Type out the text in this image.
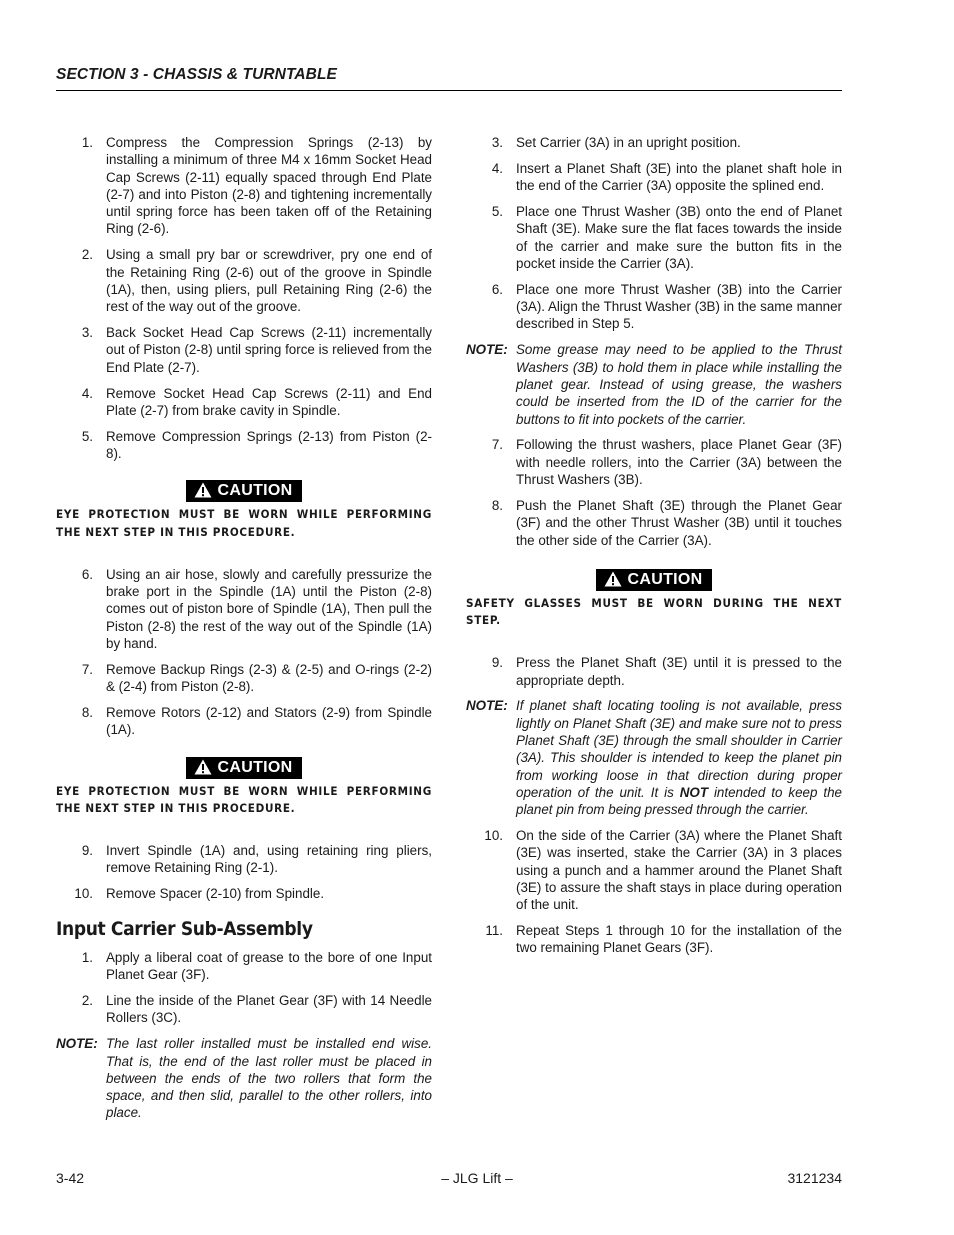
SECTION 3 - CHASSIS & TURNTABLE
1. Compress the Compression Springs (2-13) by installing a minimum of three M4 x 16mm Socket Head Cap Screws (2-11) equally spaced through End Plate (2-7) and into Piston (2-8) and tightening incrementally until spring force has been taken off of the Retaining Ring (2-6).
2. Using a small pry bar or screwdriver, pry one end of the Retaining Ring (2-6) out of the groove in Spindle (1A), then, using pliers, pull Retaining Ring (2-6) the rest of the way out of the groove.
3. Back Socket Head Cap Screws (2-11) incrementally out of Piston (2-8) until spring force is relieved from the End Plate (2-7).
4. Remove Socket Head Cap Screws (2-11) and End Plate (2-7) from brake cavity in Spindle.
5. Remove Compression Springs (2-13) from Piston (2-8).
CAUTION
EYE PROTECTION MUST BE WORN WHILE PERFORMING THE NEXT STEP IN THIS PROCEDURE.
6. Using an air hose, slowly and carefully pressurize the brake port in the Spindle (1A) until the Piston (2-8) comes out of piston bore of Spindle (1A), Then pull the Piston (2-8) the rest of the way out of the Spindle (1A) by hand.
7. Remove Backup Rings (2-3) & (2-5) and O-rings (2-2) & (2-4) from Piston (2-8).
8. Remove Rotors (2-12) and Stators (2-9) from Spindle (1A).
CAUTION
EYE PROTECTION MUST BE WORN WHILE PERFORMING THE NEXT STEP IN THIS PROCEDURE.
9. Invert Spindle (1A) and, using retaining ring pliers, remove Retaining Ring (2-1).
10. Remove Spacer (2-10) from Spindle.
Input Carrier Sub-Assembly
1. Apply a liberal coat of grease to the bore of one Input Planet Gear (3F).
2. Line the inside of the Planet Gear (3F) with 14 Needle Rollers (3C).
NOTE: The last roller installed must be installed end wise. That is, the end of the last roller must be placed in between the ends of the two rollers that form the space, and then slid, parallel to the other rollers, into place.
3. Set Carrier (3A) in an upright position.
4. Insert a Planet Shaft (3E) into the planet shaft hole in the end of the Carrier (3A) opposite the splined end.
5. Place one Thrust Washer (3B) onto the end of Planet Shaft (3E). Make sure the flat faces towards the inside of the carrier and make sure the button fits in the pocket inside the Carrier (3A).
6. Place one more Thrust Washer (3B) into the Carrier (3A). Align the Thrust Washer (3B) in the same manner described in Step 5.
NOTE: Some grease may need to be applied to the Thrust Washers (3B) to hold them in place while installing the planet gear. Instead of using grease, the washers could be inserted from the ID of the carrier for the buttons to fit into pockets of the carrier.
7. Following the thrust washers, place Planet Gear (3F) with needle rollers, into the Carrier (3A) between the Thrust Washers (3B).
8. Push the Planet Shaft (3E) through the Planet Gear (3F) and the other Thrust Washer (3B) until it touches the other side of the Carrier (3A).
CAUTION
SAFETY GLASSES MUST BE WORN DURING THE NEXT STEP.
9. Press the Planet Shaft (3E) until it is pressed to the appropriate depth.
NOTE: If planet shaft locating tooling is not available, press lightly on Planet Shaft (3E) and make sure not to press Planet Shaft (3E) through the small shoulder in Carrier (3A). This shoulder is intended to keep the planet pin from working loose in that direction during proper operation of the unit. It is NOT intended to keep the planet pin from being pressed through the carrier.
10. On the side of the Carrier (3A) where the Planet Shaft (3E) was inserted, stake the Carrier (3A) in 3 places using a punch and a hammer around the Planet Shaft (3E) to assure the shaft stays in place during operation of the unit.
11. Repeat Steps 1 through 10 for the installation of the two remaining Planet Gears (3F).
3-42	– JLG Lift –	3121234
